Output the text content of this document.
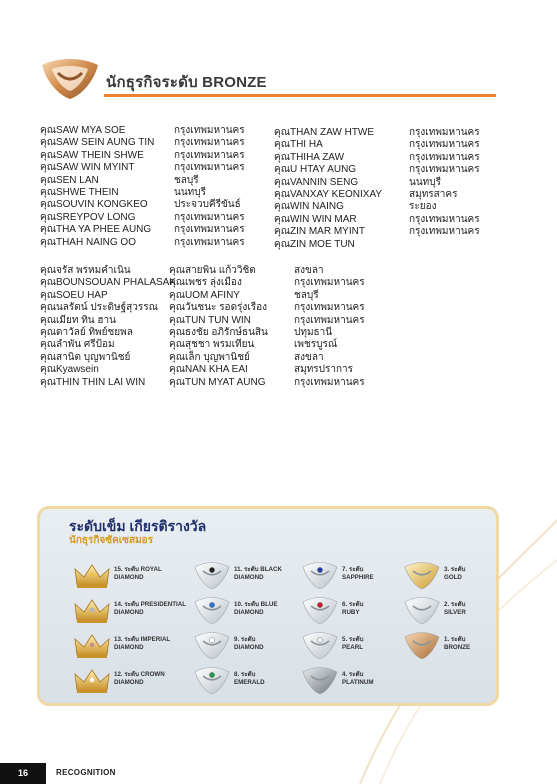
นักธุรกิจระดับ BRONZE
คุณSAW MYA SOE
คุณSAW SEIN AUNG TIN
คุณSAW THEIN SHWE
คุณSAW WIN MYINT
คุณSEN LAN
คุณSHWE THEIN
คุณSOUVIN KONGKEO
คุณSREYPOV LONG
คุณTHA YA PHEE AUNG
คุณTHAH NAING OO
กรุงเทพมหานคร
กรุงเทพมหานคร
กรุงเทพมหานคร
กรุงเทพมหานคร
ชลบุรี
นนทบุรี
ประจวบคีรีขันธ์
กรุงเทพมหานคร
กรุงเทพมหานคร
กรุงเทพมหานคร
คุณTHAN ZAW HTWE
คุณTHI HA
คุณTHIHA ZAW
คุณU HTAY AUNG
คุณVANNIN SENG
คุณVANXAY KEONIXAY
คุณWIN NAING
คุณWIN WIN MAR
คุณZIN MAR MYINT
คุณZIN MOE TUN
กรุงเทพมหานคร
กรุงเทพมหานคร
กรุงเทพมหานคร
กรุงเทพมหานคร
นนทบุรี
สมุทรสาคร
ระยอง
กรุงเทพมหานคร
กรุงเทพมหานคร

คุณจรัส พรหมคำเนิน
คุณBOUNSOUAN PHALASAK
คุณSOEU HAP
คุณนลรัตน์ ประดิษฐ์สุวรรณ
คุณเมียท ทิน ฮาน
คุณดาวัลย์ ทิพย์ชยพล
คุณลำพัน ศรีป้อม
คุณสานิต บุญพานิชย์
คุณKyawsein
คุณTHIN THIN LAI WIN
คุณสายพิน แก้ววิชิต
คุณเพชร ลุ่งเมือง
คุณUOM AFINY
คุณวันชนะ รอดรุ่งเรือง
คุณTUN TUN WIN
คุณธงชัย อภิรักษ์ธนสิน
คุณสุชชา พรมเทียน
คุณเล็ก บุญพานิชย์
คุณNAN KHA EAI
คุณTUN MYAT AUNG
สงขลา
กรุงเทพมหานคร
ชลบุรี
กรุงเทพมหานคร
กรุงเทพมหานคร
ปทุมธานี
เพชรบูรณ์
สงขลา
สมุทรปราการ
กรุงเทพมหานคร
ระดับเข็ม เกียรติรางวัล
นักธุรกิจซัคเซสมอร
15. ระดับ ROYAL
DIAMOND
14. ระดับ PRESIDENTIAL
DIAMOND
13. ระดับ IMPERIAL
DIAMOND
12. ระดับ CROWN
DIAMOND
11. ระดับ BLACK
DIAMOND
10. ระดับ BLUE
DIAMOND
9. ระดับ
DIAMOND
8. ระดับ
EMERALD
7. ระดับ
SAPPHIRE
6. ระดับ
RUBY
5. ระดับ
PEARL
4. ระดับ
PLATINUM
3. ระดับ
GOLD
2. ระดับ
SILVER
1. ระดับ
BRONZE
16	RECOGNITION
